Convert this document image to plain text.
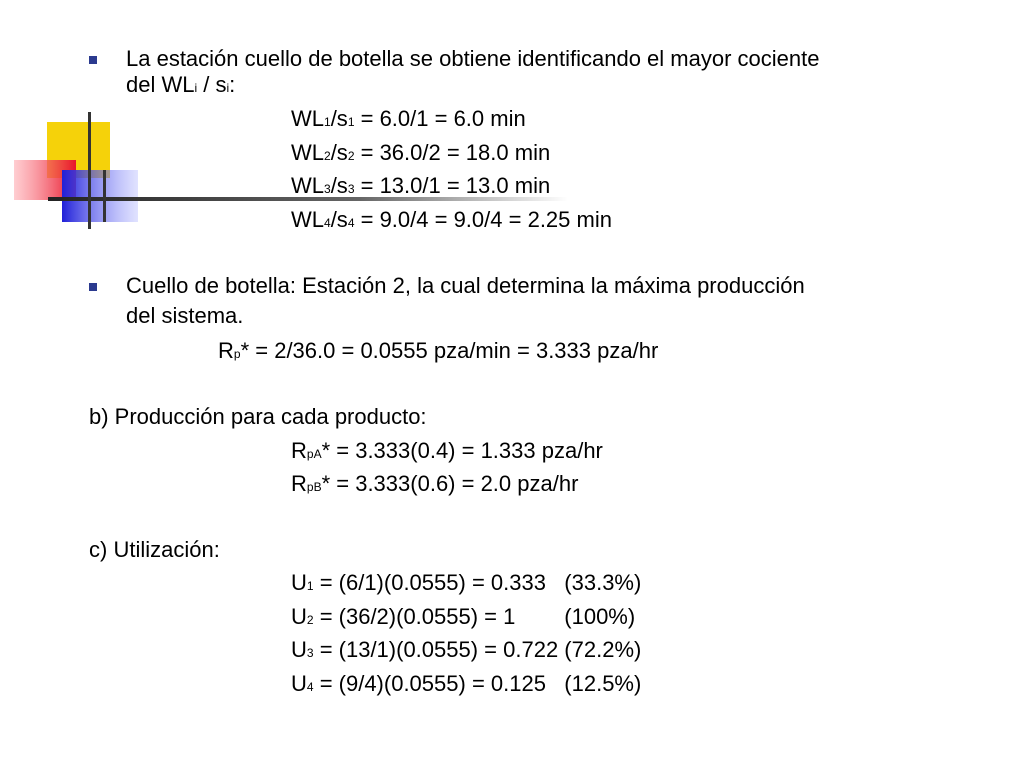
La estación cuello de botella se obtiene identificando el mayor cociente
del WLi / si:
WL1/s1 = 6.0/1 = 6.0 min
WL2/s2 = 36.0/2 = 18.0 min
WL3/s3 = 13.0/1 = 13.0 min
WL4/s4 = 9.0/4 = 9.0/4 = 2.25 min
Cuello de botella: Estación 2, la cual determina la máxima producción
del sistema.
Rp* = 2/36.0 = 0.0555 pza/min = 3.333 pza/hr
b) Producción para cada producto:
RpA* = 3.333(0.4) = 1.333 pza/hr
RpB* = 3.333(0.6) = 2.0 pza/hr
c) Utilización:
U1 = (6/1)(0.0555) = 0.333   (33.3%)
U2 = (36/2)(0.0555) = 1        (100%)
U3 = (13/1)(0.0555) = 0.722 (72.2%)
U4 = (9/4)(0.0555) = 0.125   (12.5%)
